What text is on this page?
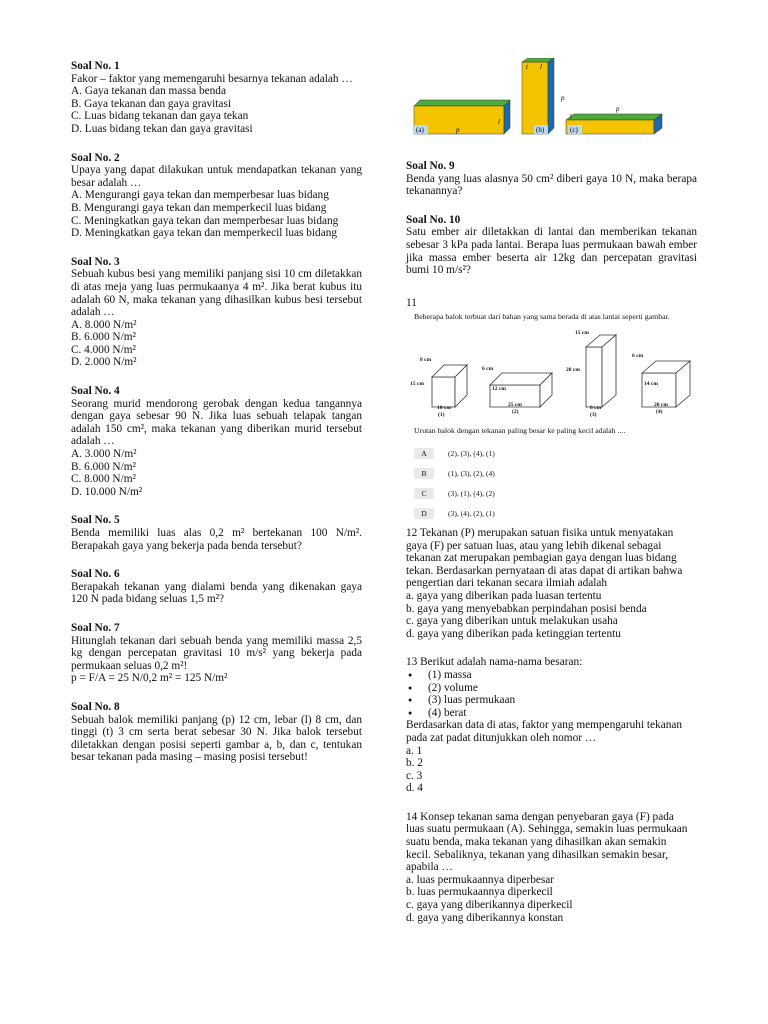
Soal No. 1
Fakor – faktor yang memengaruhi besarnya tekanan adalah …
A. Gaya tekanan dan massa benda
B. Gaya tekanan dan gaya gravitasi
C. Luas bidang tekanan dan gaya tekan
D. Luas bidang tekan dan gaya gravitasi
Soal No. 2
Upaya yang dapat dilakukan untuk mendapatkan tekanan yang besar adalah …
A. Mengurangi gaya tekan dan memperbesar luas bidang
B. Mengurangi gaya tekan dan memperkecil luas bidang
C. Meningkatkan gaya tekan dan memperbesar luas bidang
D. Meningkatkan gaya tekan dan memperkecil luas bidang
Soal No. 3
Sebuah kubus besi yang memiliki panjang sisi 10 cm diletakkan di atas meja yang luas permukaanya 4 m². Jika berat kubus itu adalah 60 N, maka tekanan yang dihasilkan kubus besi tersebut adalah …
A. 8.000 N/m²
B. 6.000 N/m²
C. 4.000 N/m²
D. 2.000 N/m²
Soal No. 4
Seorang murid mendorong gerobak dengan kedua tangannya dengan gaya sebesar 90 N. Jika luas sebuah telapak tangan adalah 150 cm², maka tekanan yang diberikan murid tersebut adalah …
A. 3.000 N/m²
B. 6.000 N/m²
C. 8.000 N/m²
D. 10.000 N/m²
Soal No. 5
Benda memiliki luas alas 0,2 m² bertekanan 100 N/m². Berapakah gaya yang bekerja pada benda tersebut?
Soal No. 6
Berapakah tekanan yang dialami benda yang dikenakan gaya 120 N pada bidang seluas 1,5 m²?
Soal No. 7
Hitunglah tekanan dari sebuah benda yang memiliki massa 2,5 kg dengan percepatan gravitasi 10 m/s² yang bekerja pada permukaan seluas 0,2 m²!
p = F/A = 25 N/0,2 m² = 125 N/m²
Soal No. 8
Sebuah balok memiliki panjang (p) 12 cm, lebar (l) 8 cm, dan tinggi (t) 3 cm serta berat sebesar 30 N. Jika balok tersebut diletakkan dengan posisi seperti gambar a, b, dan c, tentukan besar tekanan pada masing – masing posisi tersebut!
(a)	p
l
(b)
t l
p
(c)
p
t
Soal No. 9
Benda yang luas alasnya 50 cm² diberi gaya 10 N, maka berapa tekanannya?
Soal No. 10
Satu ember air diletakkan di lantai dan memberikan tekanan sebesar 3 kPa pada lantai. Berapa luas permukaan bawah ember jika massa ember beserta air 12kg dan percepatan gravitasi bumi 10 m/s²?
11
Beberapa balok terbuat dari bahan yang sama berada di atas lantai seperti gambar.
8 cm
15 cm
10 cm
(1)
6 cm
12 cm
25 cm
(2)
15 cm
20 cm
8 cm
(3)
6 cm
14 cm
20 cm
(4)
Urutan balok dengan tekanan paling besar ke paling kecil adalah ....
A	(2), (3), (4), (1)
B	(1), (3), (2), (4)
C	(3), (1), (4), (2)
D	(3), (4), (2), (1)
12 Tekanan (P) merupakan satuan fisika untuk menyatakan gaya (F) per satuan luas, atau yang lebih dikenal sebagai tekanan zat merupakan pembagian gaya dengan luas bidang tekan. Berdasarkan pernyataan di atas dapat di artikan bahwa pengertian dari tekanan secara ilmiah adalah
a. gaya yang diberikan pada luasan tertentu
b. gaya yang menyebabkan perpindahan posisi benda
c. gaya yang diberikan untuk melakukan usaha
d. gaya yang diberikan pada ketinggian tertentu
13 Berikut adalah nama-nama besaran:
● (1) massa
● (2) volume
● (3) luas permukaan
● (4) berat
Berdasarkan data di atas, faktor yang mempengaruhi tekanan pada zat padat ditunjukkan oleh nomor …
a. 1
b. 2
c. 3
d. 4
14 Konsep tekanan sama dengan penyebaran gaya (F) pada luas suatu permukaan (A). Sehingga, semakin luas permukaan suatu benda, maka tekanan yang dihasilkan akan semakin kecil. Sebaliknya, tekanan yang dihasilkan semakin besar, apabila …
a. luas permukaannya diperbesar
b. luas permukaannya diperkecil
c. gaya yang diberikannya diperkecil
d. gaya yang diberikannya konstan
